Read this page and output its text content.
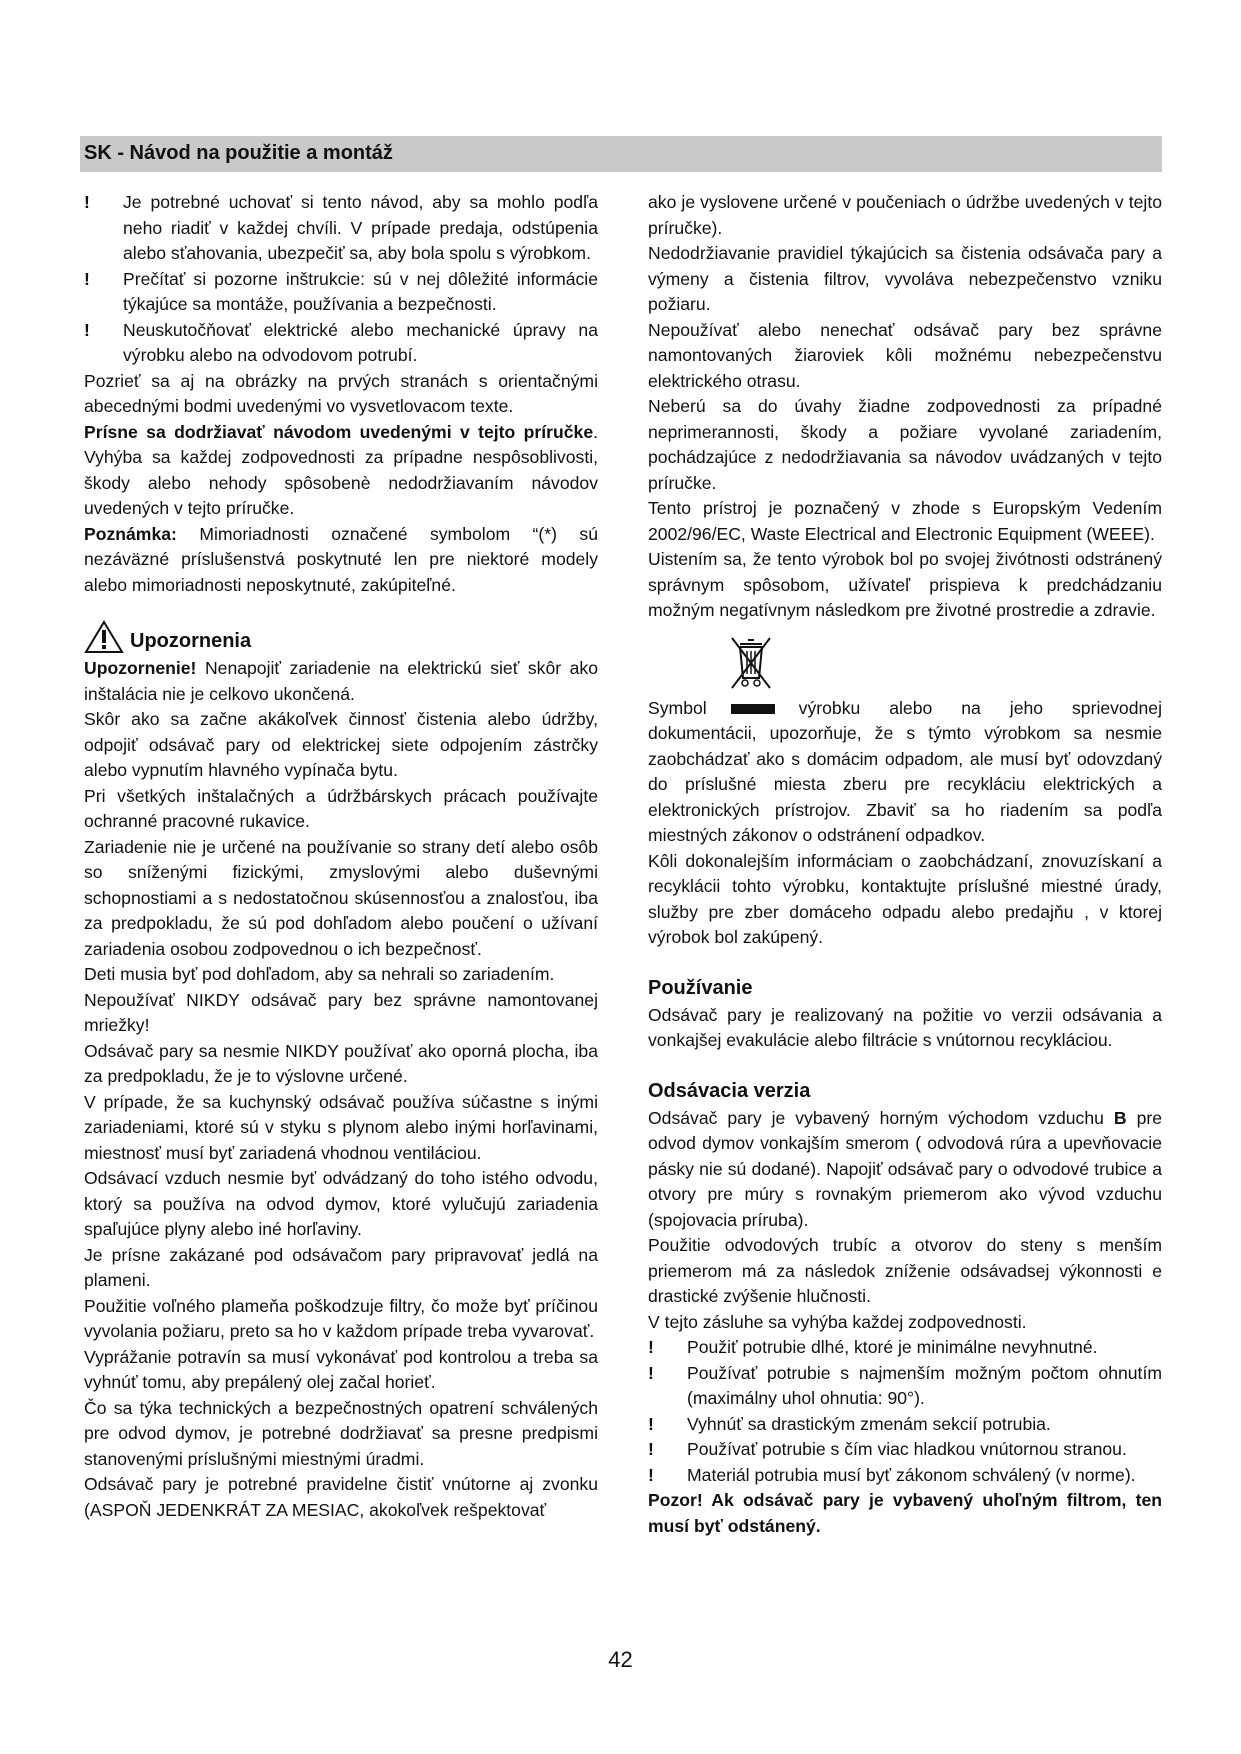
SK - Návod na použitie a montáž
!	Je potrebné uchovať si tento návod, aby sa mohlo podľa neho riadiť v každej chvíli. V prípade predaja, odstúpenia alebo sťahovania, ubezpečiť sa, aby bola spolu s výrobkom.
!	Prečítať si pozorne inštrukcie: sú v nej dôležité informácie týkajúce sa montáže, používania a bezpečnosti.
!	Neuskutočňovať elektrické alebo mechanické úpravy na výrobku alebo na odvodovom potrubí.

Pozrieť sa aj na obrázky na prvých stranách s orientačnými abecednými bodmi uvedenými vo vysvetlovacom texte.

Prísne sa dodržiavať návodom uvedenými v tejto príručke. Vyhýba sa každej zodpovednosti za prípadne nespôsoblivosti, škody alebo nehody spôsobenè nedodržiavaním návodov uvedených v tejto príručke.

Poznámka: Mimoriadnosti označené symbolom “(*) sú nezáväzné príslušenstvá poskytnuté len pre niektoré modely alebo mimoriadnosti neposkytnuté, zakúpiteľné.

Upozornenia

Upozornenie! Nenapojiť zariadenie na elektrickú sieť skôr ako inštalácia nie je celkovo ukončená.

Skôr ako sa začne akákoľvek činnosť čistenia alebo údržby, odpojiť odsávač pary od elektrickej siete odpojením zástrčky alebo vypnutím hlavného vypínača bytu.

Pri všetkých inštalačných a údržbárskych prácach používajte ochranné pracovné rukavice.

Zariadenie nie je určené na používanie so strany detí alebo osôb so sníženými fizickými, zmyslovými alebo duševnými schopnostiami a s nedostatočnou skúsennosťou a znalosťou, iba za predpokladu, že sú pod dohľadom alebo poučení o užívaní zariadenia osobou zodpovednou o ich bezpečnosť.

Deti musia byť pod dohľadom, aby sa nehrali so zariadením.

Nepoužívať NIKDY odsávač pary bez správne namontovanej mriežky!

Odsávač pary sa nesmie NIKDY používať ako oporná plocha, iba za predpokladu, že je to výslovne určené.

V prípade, že sa kuchynský odsávač používa súčastne s inými zariadeniami, ktoré sú v styku s plynom alebo inými horľavinami, miestnosť musí byť zariadená vhodnou ventiláciou.

Odsávací vzduch nesmie byť odvádzaný do toho istého odvodu, ktorý sa používa na odvod dymov, ktoré vylučujú zariadenia spaľujúce plyny alebo iné horľaviny.

Je prísne zakázané pod odsávačom pary pripravovať jedlá na plameni.

Použitie voľného plameňa poškodzuje filtry, čo može byť príčinou vyvolania požiaru, preto sa ho v každom prípade treba vyvarovať.

Vyprážanie potravín sa musí vykonávať pod kontrolou a treba sa vyhnúť tomu, aby prepálený olej začal horieť.

Čo sa týka technických a bezpečnostných opatrení schválených pre odvod dymov, je potrebné dodržiavať sa presne predpismi stanovenými príslušnými miestnými úradmi.

Odsávač pary je potrebné pravidelne čistiť vnútorne aj zvonku (ASPOŇ JEDENKRÁT ZA MESIAC, akokoľvek rešpektovať

ako je vyslovene určené v poučeniach o údržbe uvedených v tejto príručke).

Nedodržiavanie pravidiel týkajúcich sa čistenia odsávača pary a výmeny a čistenia filtrov, vyvoláva nebezpečenstvo vzniku požiaru.

Nepoužívať alebo nenechať odsávač pary bez správne namontovaných žiaroviek kôli možnému nebezpečenstvu elektrického otrasu.

Neberú sa do úvahy žiadne zodpovednosti za prípadné neprimerannosti, škody a požiare vyvolané zariadením, pochádzajúce z nedodržiavania sa návodov uvádzaných v tejto príručke.

Tento prístroj je poznačený v zhode s Europským Vedením 2002/96/EC, Waste Electrical and Electronic Equipment (WEEE).

Uistením sa, že tento výrobok bol po svojej živótnosti odstránený správnym spôsobom, užívateľ prispieva k predchádzaniu možným negatívnym následkom pre životné prostredie a zdravie.

Symbol	výrobku alebo na jeho sprievodnej dokumentácii, upozorňuje, že s týmto výrobkom sa nesmie zaobchádzať ako s domácim odpadom, ale musí byť odovzdaný do príslušné miesta zberu pre recykláciu elektrických a elektronických prístrojov. Zbaviť sa ho riadením sa podľa miestných zákonov o odstránení odpadkov.

Kôli dokonalejším informáciam o zaobchádzaní, znovuzískaní a recyklácii tohto výrobku, kontaktujte príslušné miestné úrady, služby pre zber domáceho odpadu alebo predajňu , v ktorej výrobok bol zakúpený.

Používanie

Odsávač pary je realizovaný na požitie vo verzii odsávania a vonkajšej evakulácie alebo filtrácie s vnútornou recykláciou.

Odsávacia verzia

Odsávač pary je vybavený horným východom vzduchu B pre odvod dymov vonkajším smerom ( odvodová rúra a upevňovacie pásky nie sú dodané). Napojiť odsávač pary o odvodové trubice a otvory pre múry s rovnakým priemerom ako vývod vzduchu (spojovacia príruba).

Použitie odvodových trubíc a otvorov do steny s menším priemerom má za následok zníženie odsávadsej výkonnosti e drastické zvýšenie hlučnosti.

V tejto zásluhe sa vyhýba každej zodpovednosti.

!	Použiť potrubie dlhé, ktoré je minimálne nevyhnutné.
!	Používať potrubie s najmenším možným počtom ohnutím (maximálny uhol ohnutia: 90°).
!	Vyhnúť sa drastickým zmenám sekcií potrubia.
!	Používať potrubie s čím viac hladkou vnútornou stranou.
!	Materiál potrubia musí byť zákonom schválený (v norme).

Pozor! Ak odsávač pary je vybavený uhoľným filtrom, ten musí byť odstánený.

42
